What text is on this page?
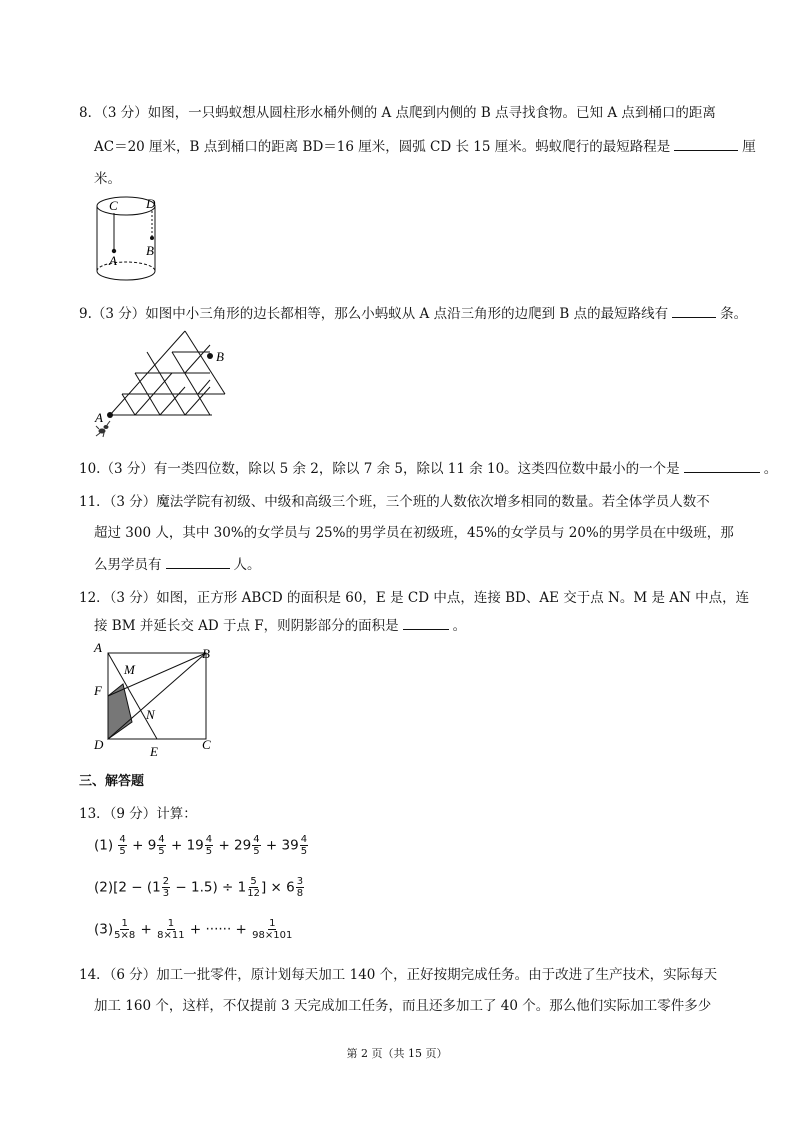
8．（3 分）如图，一只蚂蚁想从圆柱形水桶外侧的 A 点爬到内侧的 B 点寻找食物。已知 A 点到桶口的距离
AC＝20 厘米，B 点到桶口的距离 BD＝16 厘米，圆弧 CD 长 15 厘米。蚂蚁爬行的最短路程是	厘
米。
C D
A
B
9.（3 分）如图中小三角形的边长都相等，那么小蚂蚁从 A 点沿三角形的边爬到 B 点的最短路线有	条。
A
B
10.（3 分）有一类四位数，除以 5 余 2，除以 7 余 5，除以 11 余 10。这类四位数中最小的一个是	。
11．（3 分）魔法学院有初级、中级和高级三个班，三个班的人数依次增多相同的数量。若全体学员人数不
超过 300 人，其中 30%的女学员与 25%的男学员在初级班，45%的女学员与 20%的男学员在中级班，那
么男学员有	人。
12．（3 分）如图，正方形 ABCD 的面积是 60，E 是 CD 中点，连接 BD、AE 交于点 N。M 是 AN 中点，连
接 BM 并延长交 AD 于点 F，则阴影部分的面积是	。
A	B
C
D	E
F
M
N
三、解答题
13．（9 分）计算：
$(1) \frac{4}{5} + 9 \frac{4}{5} + 19 \frac{4}{5} + 29 \frac{4}{5} + 39 \frac{4}{5}$
$(2)[2 - (1 \frac{2}{3} - 1.5) \div 1 \frac{5}{12}$ ] × $6 \frac{3}{8}$
$(3) \frac{1}{5\times 8} + \frac{1}{8\times 11}$ + ······ + $\frac{1}{98\times 101}$
14．（6 分）加工一批零件，原计划每天加工 140 个，正好按期完成任务。由于改进了生产技术，实际每天
加工 160 个，这样，不仅提前 3 天完成加工任务，而且还多加工了 40 个。那么他们实际加工零件多少
第 2 页（共 15 页）
